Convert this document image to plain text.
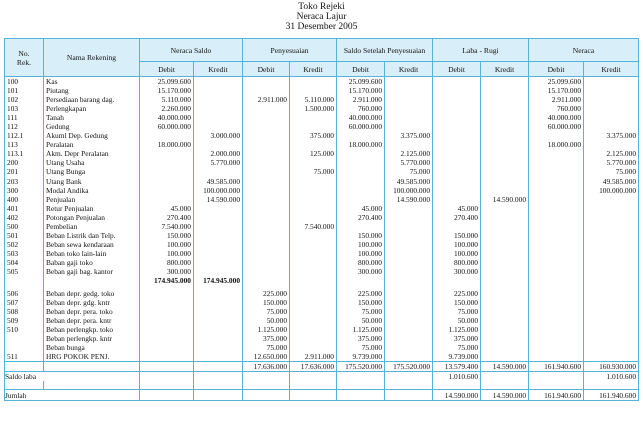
Toko Rejeki
Neraca Lajur
31 Desember 2005
No.
Rek.	Nama Rekening	Neraca Saldo		Penyesuaian		Saldo Setelah Penyesuaian		Laba - Rugi		Neraca	
		Debit	Kredit	Debit	Kredit	Debit	Kredit	Debit	Kredit	Debit	Kredit
100	Kas	25.099.600				25.099.600				25.099.600	
101	Piutang	15.170.000				15.170.000				15.170.000	
102	Persediaan barang dag.	5.110.000		2.911.000	5.110.000	2.911.000				2.911.000	
103	Perlengkapan	2.260.000			1.500.000	760.000				760.000	
111	Tanah	40.000.000				40.000.000				40.000.000	
112	Gedung	60.000.000				60.000.000				60.000.000	
112.1	Akuml Dep. Gedung		3.000.000		375.000		3.375.000				3.375.000
113	Peralatan	18.000.000				18.000.000				18.000.000	
113.1	Akm. Depr Peralatan		2.000.000		125.000		2.125.000				2.125.000
200	Utang Usaha		5.770.000				5.770.000				5.770.000
201	Utang Bunga				75.000		75.000				75.000
203	Utang Bank		49.585.000				49.585.000				49.585.000
300	Modal Andika		100.000.000				100.000.000				100.000.000
400	Penjualan		14.590.000				14.590.000		14.590.000		
401	Retur Penjualan	45.000				45.000		45.000			
402	Potongan Penjualan	270.400				270.400		270.400			
500	Pembelian	7.540.000			7.540.000						
501	Beban Listrik dan Telp.	150.000				150.000		150.000			
502	Beban sewa kendaraan	100.000				100.000		100.000			
503	Beban toko lain-lain	100.000				100.000		100.000			
504	Baban gaji toko	800.000				800.000		800.000			
505	Beban gaji bag. kantor	300.000				300.000		300.000			
		174.945.000	174.945.000								

506	Beban depr. gedg. toko			225.000		225.000		225.000			
507	Beban depr. gdg. kntr			150.000		150.000		150.000			
508	Beban depr. pera. toko			75.000		75.000		75.000			
509	Beban depr. pera. kntr			50.000		50.000		50.000			
510	Beban perlengkp. toko			1.125.000		1.125.000		1.125.000			
	Beban perlengkp. kntr			375.000		375.000		375.000			
	Beban bunga			75.000		75.000		75.000			
511	HRG POKOK PENJ.			12.650.000	2.911.000	9.739.000		9.739.000			
				17.636.000	17.636.000	175.520.000	175.520.000	13.579.400	14.590.000	161.940.600	160.930.000
Saldo laba								1.010.600			1.010.600

Jumlah								14.590.000	14.590.000	161.940.600	161.940.600
